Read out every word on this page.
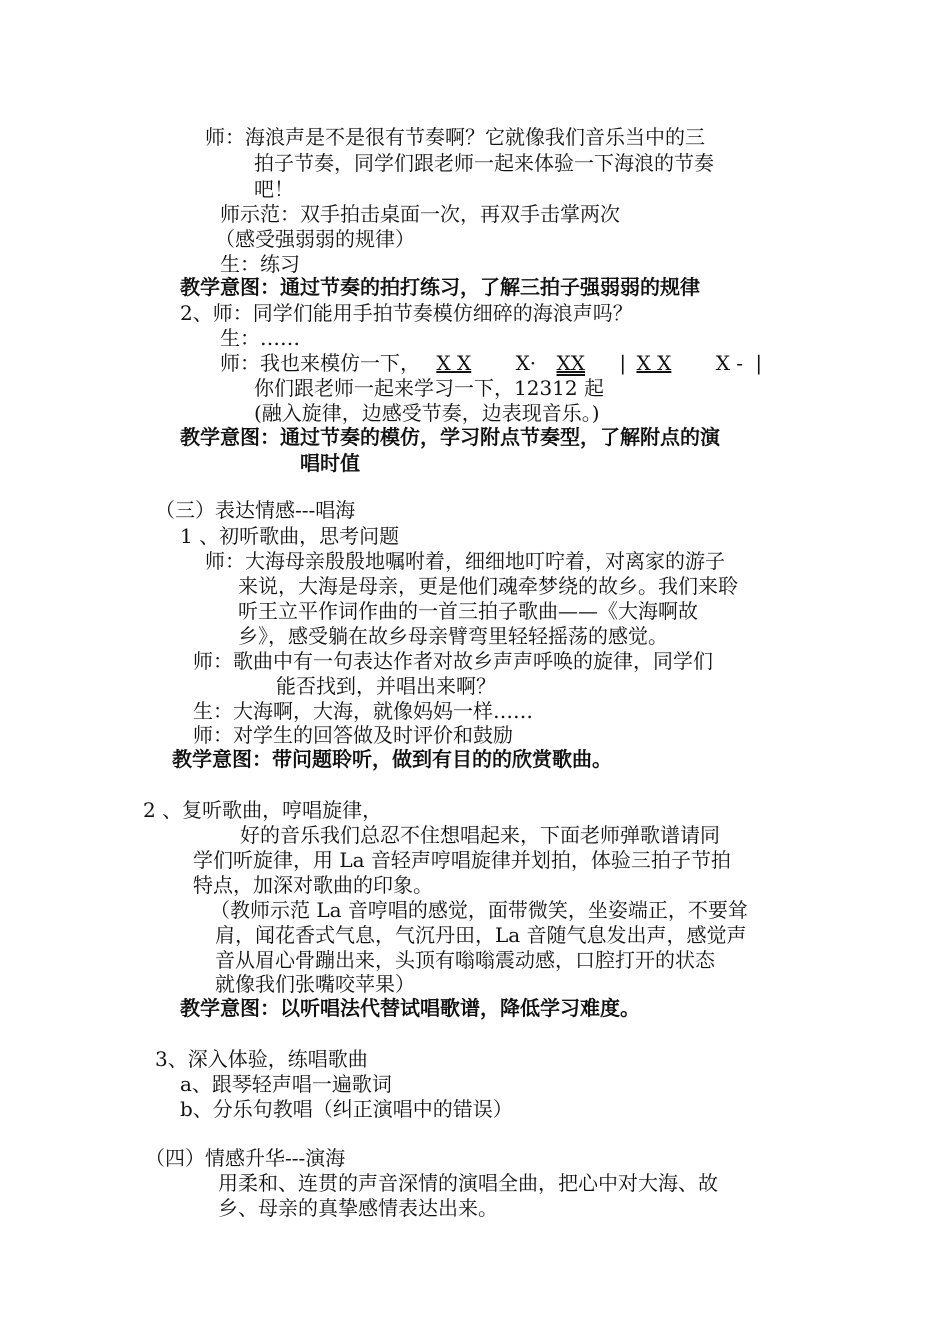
师：海浪声是不是很有节奏啊？它就像我们音乐当中的三
拍子节奏，同学们跟老师一起来体验一下海浪的节奏
吧！
师示范：双手拍击桌面一次，再双手击掌两次
（感受强弱弱的规律）
生：练习
教学意图：通过节奏的拍打练习，了解三拍子强弱弱的规律
2、师：同学们能用手拍节奏模仿细碎的海浪声吗？
生：……
师：我也来模仿一下， X X X· XX | X X X - |
你们跟老师一起来学习一下，12312 起
(融入旋律，边感受节奏，边表现音乐。)
教学意图：通过节奏的模仿，学习附点节奏型，了解附点的演
唱时值
（三）表达情感---唱海
1 、初听歌曲，思考问题
师：大海母亲殷殷地嘱咐着，细细地叮咛着，对离家的游子
来说，大海是母亲，更是他们魂牵梦绕的故乡。我们来聆
听王立平作词作曲的一首三拍子歌曲——《大海啊故
乡》，感受躺在故乡母亲臂弯里轻轻摇荡的感觉。
师：歌曲中有一句表达作者对故乡声声呼唤的旋律，同学们
能否找到，并唱出来啊？
生：大海啊，大海，就像妈妈一样……
师：对学生的回答做及时评价和鼓励
教学意图：带问题聆听，做到有目的的欣赏歌曲。
2 、复听歌曲，哼唱旋律，
好的音乐我们总忍不住想唱起来，下面老师弹歌谱请同
学们听旋律，用 La 音轻声哼唱旋律并划拍，体验三拍子节拍
特点，加深对歌曲的印象。
（教师示范 La 音哼唱的感觉，面带微笑，坐姿端正，不要耸
肩，闻花香式气息，气沉丹田，La 音随气息发出声，感觉声
音从眉心骨蹦出来，头顶有嗡嗡震动感，口腔打开的状态
就像我们张嘴咬苹果）
教学意图：以听唱法代替试唱歌谱，降低学习难度。
3、深入体验，练唱歌曲
a、跟琴轻声唱一遍歌词
b、分乐句教唱（纠正演唱中的错误）
（四）情感升华---演海
用柔和、连贯的声音深情的演唱全曲，把心中对大海、故
乡、母亲的真挚感情表达出来。
